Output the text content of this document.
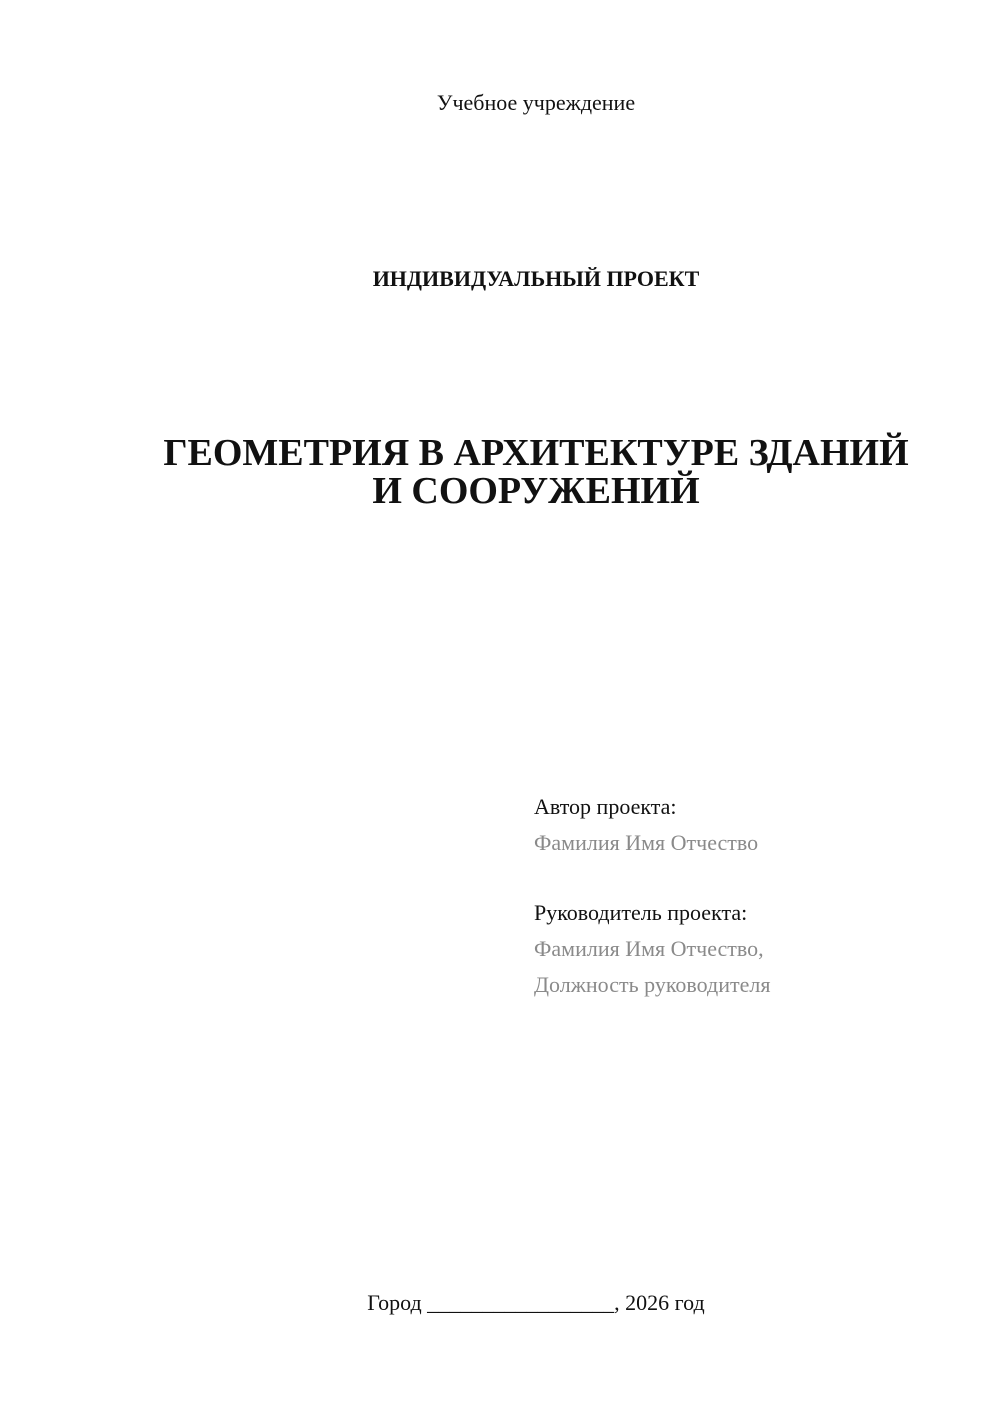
Учебное учреждение
ИНДИВИДУАЛЬНЫЙ ПРОЕКТ
ГЕОМЕТРИЯ В АРХИТЕКТУРЕ ЗДАНИЙ
И СООРУЖЕНИЙ
Автор проекта:
Фамилия Имя Отчество
Руководитель проекта:
Фамилия Имя Отчество,
Должность руководителя
Город _________________, 2026 год
